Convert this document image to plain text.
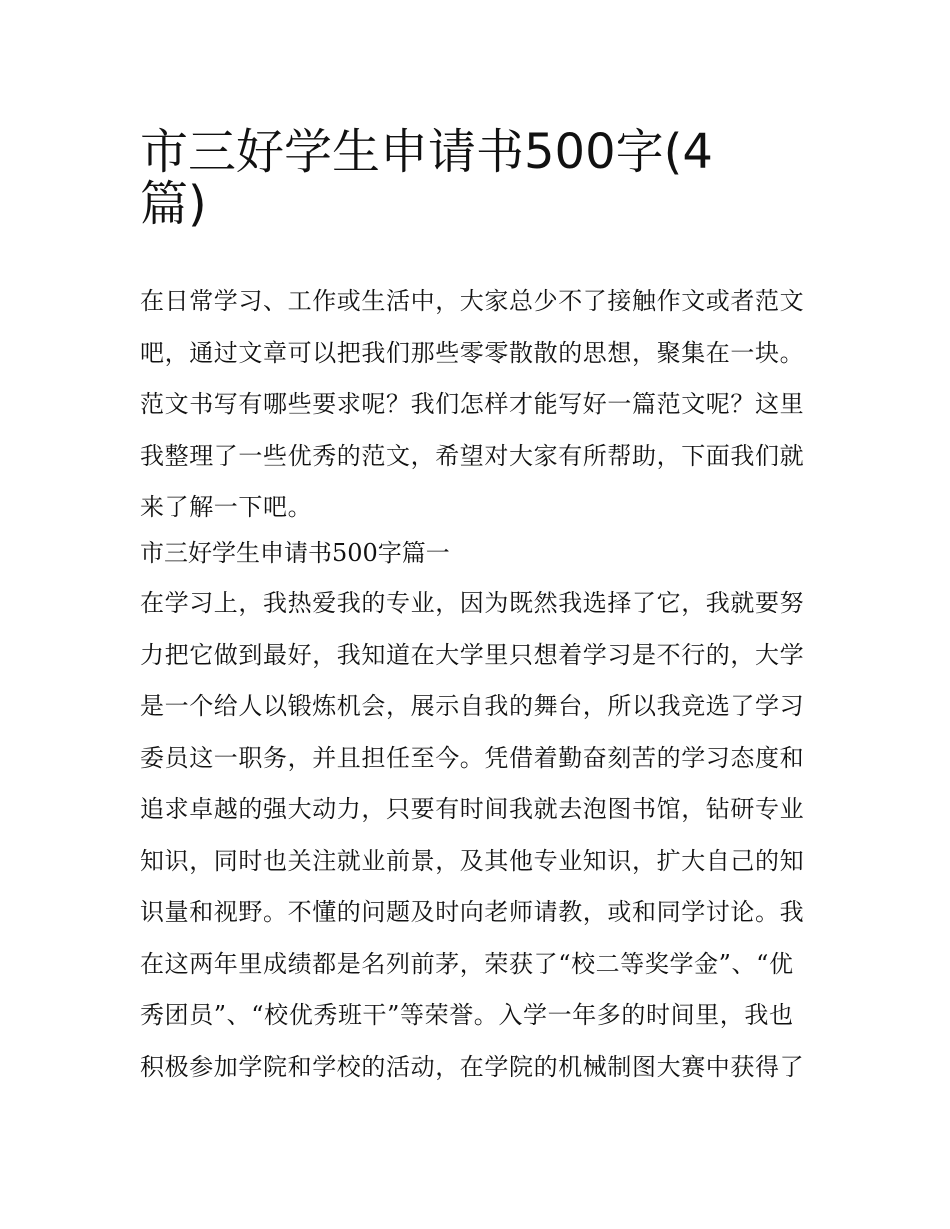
市三好学生申请书500字(4
篇)
在日常学习、工作或生活中，大家总少不了接触作文或者范文
吧，通过文章可以把我们那些零零散散的思想，聚集在一块。
范文书写有哪些要求呢？我们怎样才能写好一篇范文呢？这里
我整理了一些优秀的范文，希望对大家有所帮助，下面我们就
来了解一下吧。
市三好学生申请书500字篇一
在学习上，我热爱我的专业，因为既然我选择了它，我就要努
力把它做到最好，我知道在大学里只想着学习是不行的，大学
是一个给人以锻炼机会，展示自我的舞台，所以我竞选了学习
委员这一职务，并且担任至今。凭借着勤奋刻苦的学习态度和
追求卓越的强大动力，只要有时间我就去泡图书馆，钻研专业
知识，同时也关注就业前景，及其他专业知识，扩大自己的知
识量和视野。不懂的问题及时向老师请教，或和同学讨论。我
在这两年里成绩都是名列前茅，荣获了“校二等奖学金”、“优
秀团员”、“校优秀班干”等荣誉。入学一年多的时间里，我也
积极参加学院和学校的活动，在学院的机械制图大赛中获得了
